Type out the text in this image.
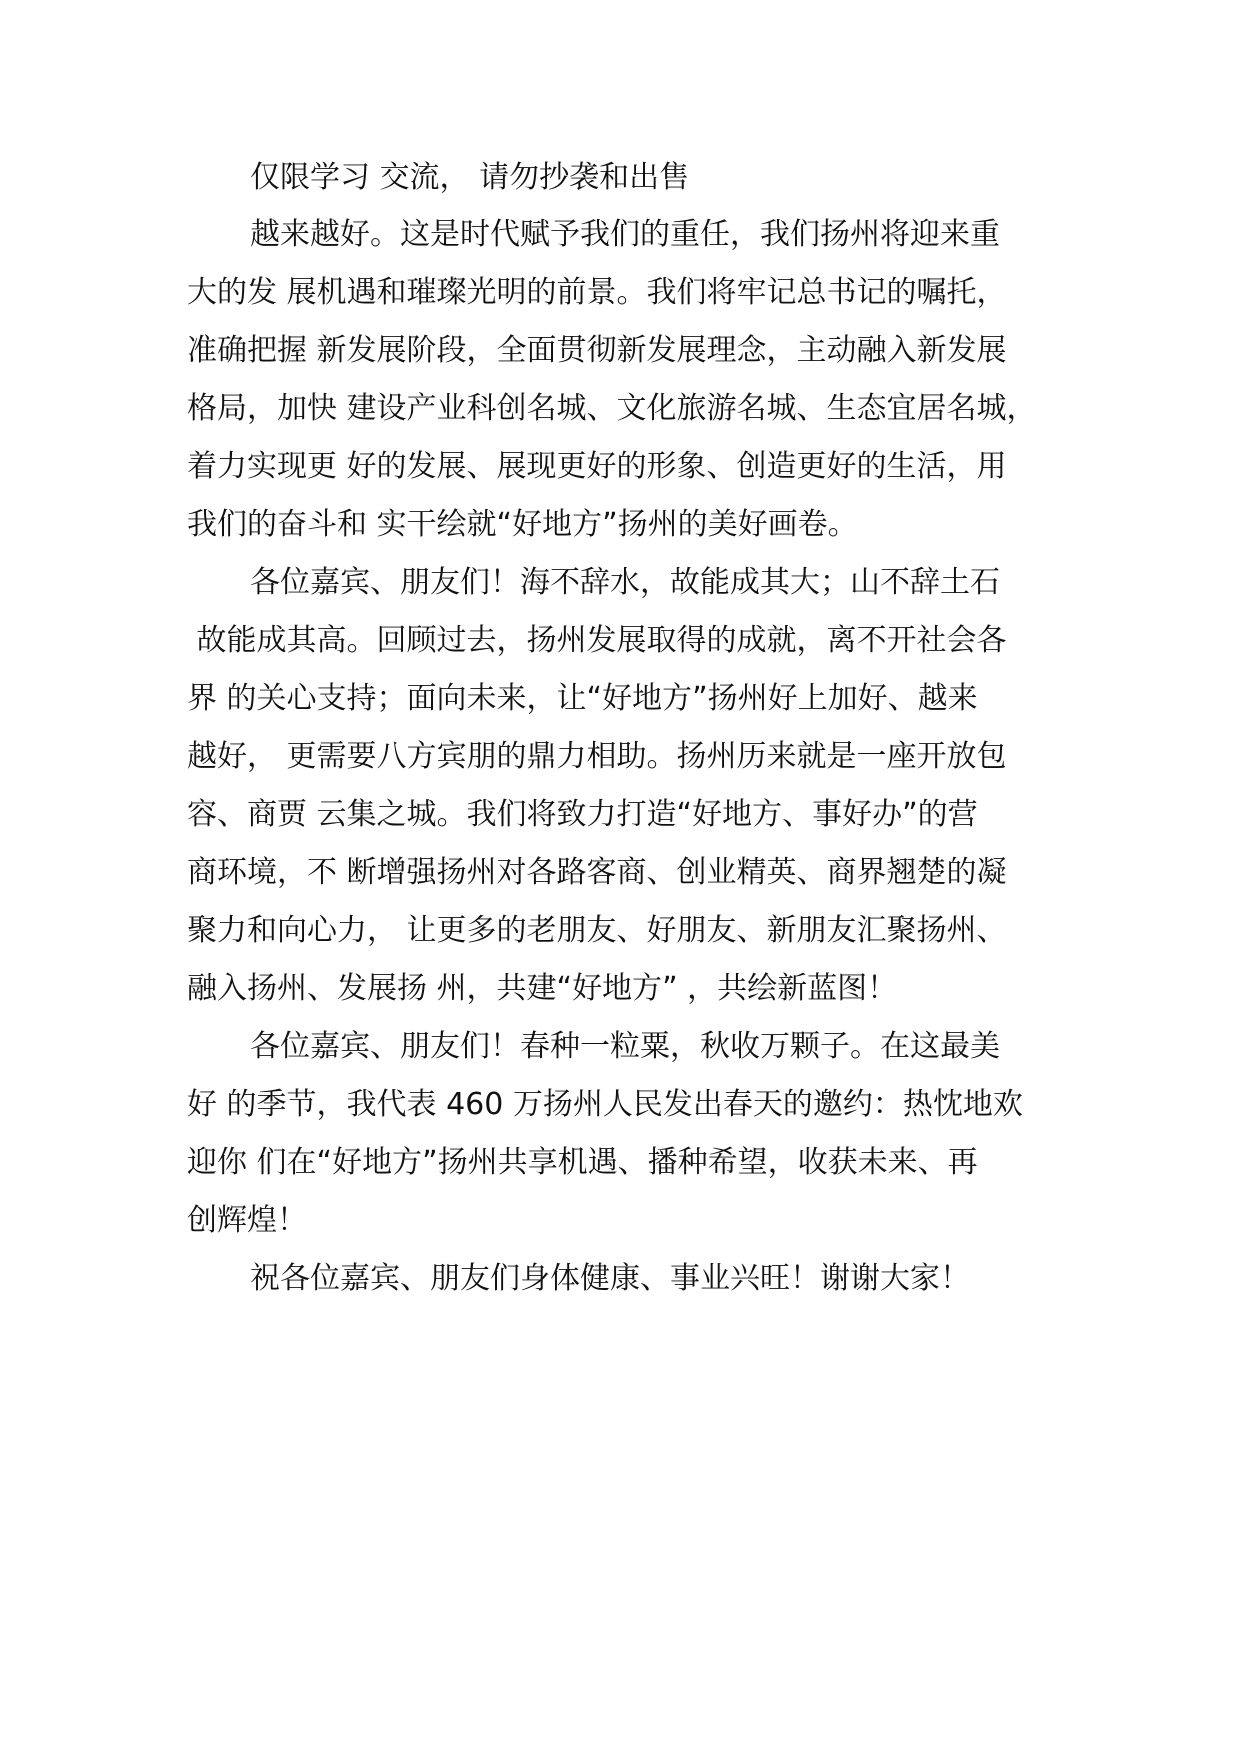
仅限学习 交流， 请勿抄袭和出售

越来越好。这是时代赋予我们的重任，我们扬州将迎来重

大的发 展机遇和璀璨光明的前景。我们将牢记总书记的嘱托，

准确把握 新发展阶段，全面贯彻新发展理念，主动融入新发展

格局，加快 建设产业科创名城、文化旅游名城、生态宜居名城，

着力实现更 好的发展、展现更好的形象、创造更好的生活，用

我们的奋斗和 实干绘就“好地方”扬州的美好画卷。

各位嘉宾、朋友们！海不辞水，故能成其大；山不辞土石

故能成其高。回顾过去，扬州发展取得的成就，离不开社会各

界 的关心支持；面向未来，让“好地方”扬州好上加好、越来

越好， 更需要八方宾朋的鼎力相助。扬州历来就是一座开放包

容、商贾 云集之城。我们将致力打造“好地方、事好办”的营

商环境，不 断增强扬州对各路客商、创业精英、商界翘楚的凝

聚力和向心力， 让更多的老朋友、好朋友、新朋友汇聚扬州、

融入扬州、发展扬 州，共建“好地方” ，共绘新蓝图！

各位嘉宾、朋友们！春种一粒粟，秋收万颗子。在这最美

好 的季节，我代表 460 万扬州人民发出春天的邀约：热忱地欢

迎你 们在“好地方”扬州共享机遇、播种希望，收获未来、再

创辉煌！

祝各位嘉宾、朋友们身体健康、事业兴旺！谢谢大家！
